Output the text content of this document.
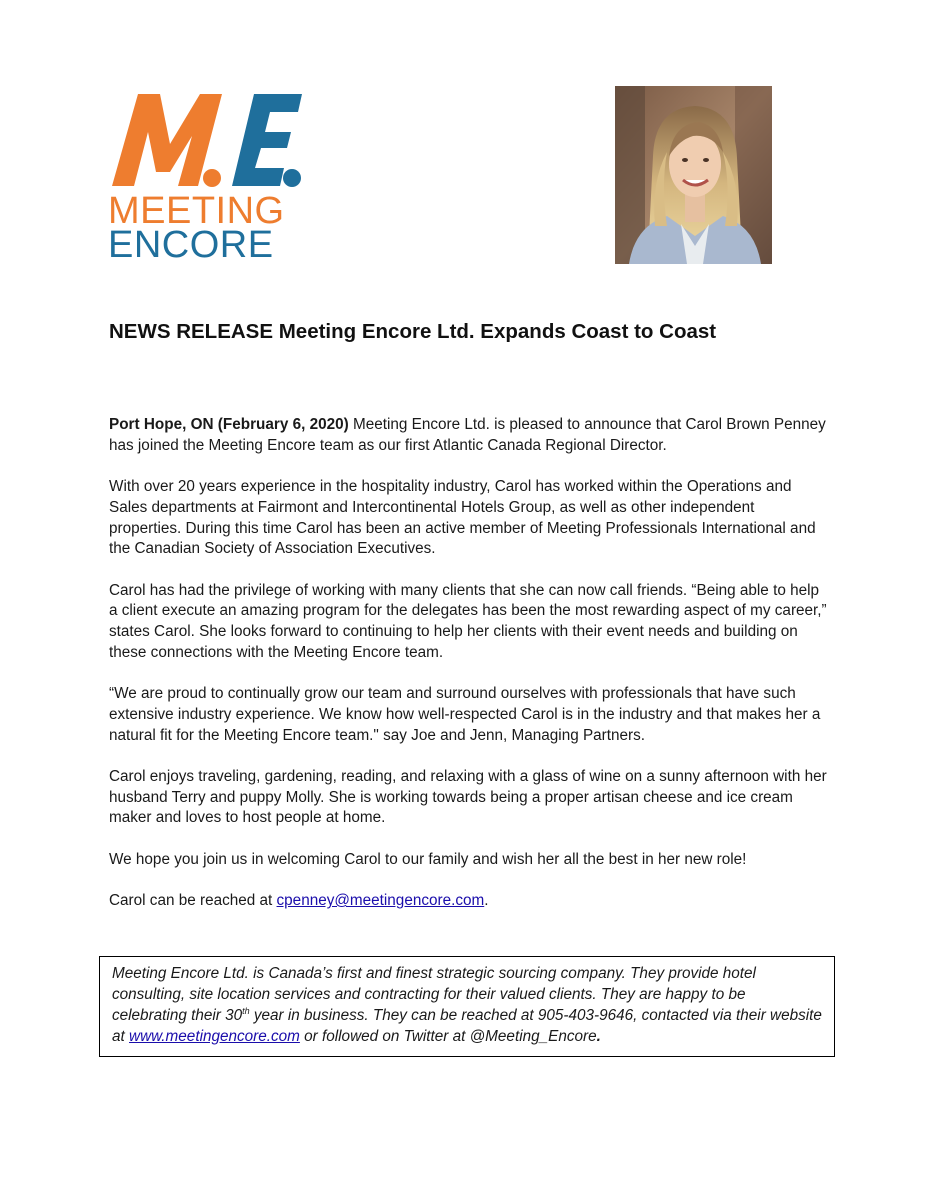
MEETING
ENCORE
NEWS RELEASE Meeting Encore Ltd. Expands Coast to Coast

Port Hope, ON (February 6, 2020) Meeting Encore Ltd. is pleased to announce that Carol Brown Penney has joined the Meeting Encore team as our first Atlantic Canada Regional Director.

With over 20 years experience in the hospitality industry, Carol has worked within the Operations and Sales departments at Fairmont and Intercontinental Hotels Group, as well as other independent properties. During this time Carol has been an active member of Meeting Professionals International and the Canadian Society of Association Executives.

Carol has had the privilege of working with many clients that she can now call friends. “Being able to help a client execute an amazing program for the delegates has been the most rewarding aspect of my career,” states Carol. She looks forward to continuing to help her clients with their event needs and building on these connections with the Meeting Encore team.

“We are proud to continually grow our team and surround ourselves with professionals that have such extensive industry experience. We know how well-respected Carol is in the industry and that makes her a natural fit for the Meeting Encore team." say Joe and Jenn, Managing Partners.

Carol enjoys traveling, gardening, reading, and relaxing with a glass of wine on a sunny afternoon with her husband Terry and puppy Molly. She is working towards being a proper artisan cheese and ice cream maker and loves to host people at home.

We hope you join us in welcoming Carol to our family and wish her all the best in her new role!

Carol can be reached at cpenney@meetingencore.com.

Meeting Encore Ltd. is Canada’s first and finest strategic sourcing company. They provide hotel consulting, site location services and contracting for their valued clients. They are happy to be celebrating their 30th year in business. They can be reached at 905-403-9646, contacted via their website at www.meetingencore.com or followed on Twitter at @Meeting_Encore.
